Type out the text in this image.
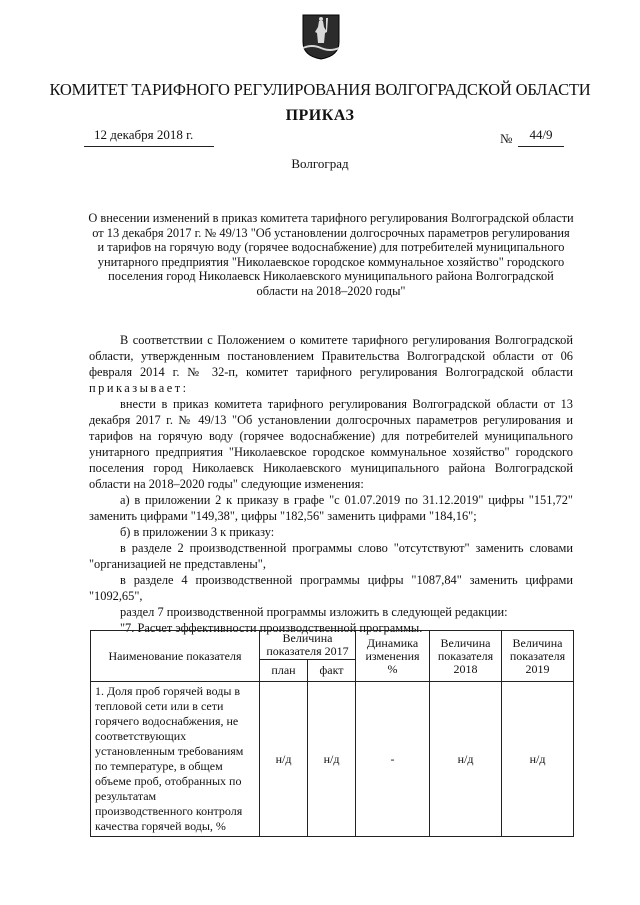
КОМИТЕТ ТАРИФНОГО РЕГУЛИРОВАНИЯ ВОЛГОГРАДСКОЙ ОБЛАСТИ
ПРИКАЗ
12 декабря 2018 г.	№	44/9
Волгоград
О внесении изменений в приказ комитета тарифного регулирования Волгоградской области от 13 декабря 2017 г. № 49/13 "Об установлении долгосрочных параметров регулирования и тарифов на горячую воду (горячее водоснабжение) для потребителей муниципального унитарного предприятия "Николаевское городское коммунальное хозяйство" городского поселения город Николаевск Николаевского муниципального района Волгоградской области на 2018–2020 годы"

В соответствии с Положением о комитете тарифного регулирования Волгоградской области, утвержденным постановлением Правительства Волгоградской области от 06 февраля 2014 г. № 32-п, комитет тарифного регулирования Волгоградской области приказывает:

внести в приказ комитета тарифного регулирования Волгоградской области от 13 декабря 2017 г. № 49/13 "Об установлении долгосрочных параметров регулирования и тарифов на горячую воду (горячее водоснабжение) для потребителей муниципального унитарного предприятия "Николаевское городское коммунальное хозяйство" городского поселения город Николаевск Николаевского муниципального района Волгоградской области на 2018–2020 годы" следующие изменения:

а) в приложении 2 к приказу в графе "с 01.07.2019 по 31.12.2019" цифры "151,72" заменить цифрами "149,38", цифры "182,56" заменить цифрами "184,16";

б) в приложении 3 к приказу:

в разделе 2 производственной программы слово "отсутствуют" заменить словами "организацией не представлены",

в разделе 4 производственной программы цифры "1087,84" заменить цифрами "1092,65",

раздел 7 производственной программы изложить в следующей редакции:

"7. Расчет эффективности производственной программы.

Наименование показателя	Величина показателя 2017		Динамика изменения %	Величина показателя 2018	Величина показателя 2019
	план	факт			
1. Доля проб горячей воды в тепловой сети или в сети горячего водоснабжения, не соответствующих установленным требованиям по температуре, в общем объеме проб, отобранных по результатам производственного контроля качества горячей воды, %	н/д	н/д	-	н/д	н/д
